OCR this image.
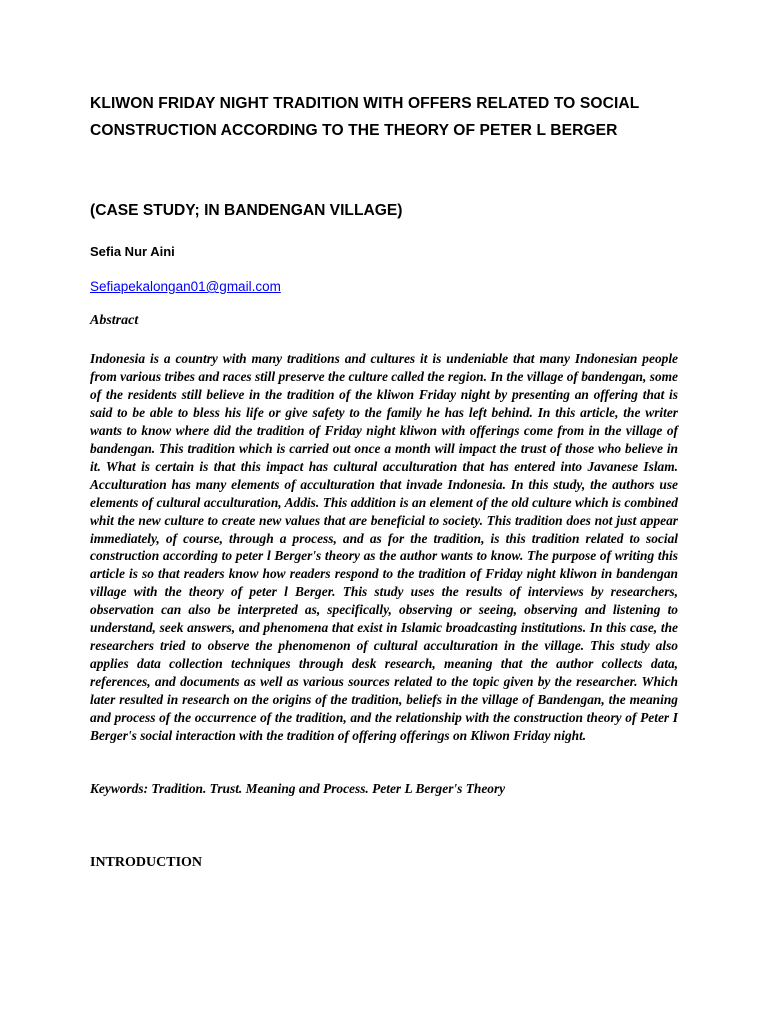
KLIWON FRIDAY NIGHT TRADITION WITH OFFERS RELATED TO SOCIAL CONSTRUCTION ACCORDING TO THE THEORY OF PETER L BERGER
(CASE STUDY; IN BANDENGAN VILLAGE)

Sefia Nur Aini

Sefiapekalongan01@gmail.com

Abstract

Indonesia is a country with many traditions and cultures it is undeniable that many Indonesian people from various tribes and races still preserve the culture called the region. In the village of bandengan, some of the residents still believe in the tradition of the kliwon Friday night by presenting an offering that is said to be able to bless his life or give safety to the family he has left behind. In this article, the writer wants to know where did the tradition of Friday night kliwon with offerings come from in the village of bandengan. This tradition which is carried out once a month will impact the trust of those who believe in it. What is certain is that this impact has cultural acculturation that has entered into Javanese Islam. Acculturation has many elements of acculturation that invade Indonesia. In this study, the authors use elements of cultural acculturation, Addis. This addition is an element of the old culture which is combined whit the new culture to create new values that are beneficial to society. This tradition does not just appear immediately, of course, through a process, and as for the tradition, is this tradition related to social construction according to peter l Berger's theory as the author wants to know. The purpose of writing this article is so that readers know how readers respond to the tradition of Friday night kliwon in bandengan village with the theory of peter l Berger. This study uses the results of interviews by researchers, observation can also be interpreted as, specifically, observing or seeing, observing and listening to understand, seek answers, and phenomena that exist in Islamic broadcasting institutions. In this case, the researchers tried to observe the phenomenon of cultural acculturation in the village. This study also applies data collection techniques through desk research, meaning that the author collects data, references, and documents as well as various sources related to the topic given by the researcher. Which later resulted in research on the origins of the tradition, beliefs in the village of Bandengan, the meaning and process of the occurrence of the tradition, and the relationship with the construction theory of Peter I Berger's social interaction with the tradition of offering offerings on Kliwon Friday night.

Keywords: Tradition. Trust. Meaning and Process. Peter L Berger's Theory

INTRODUCTION
